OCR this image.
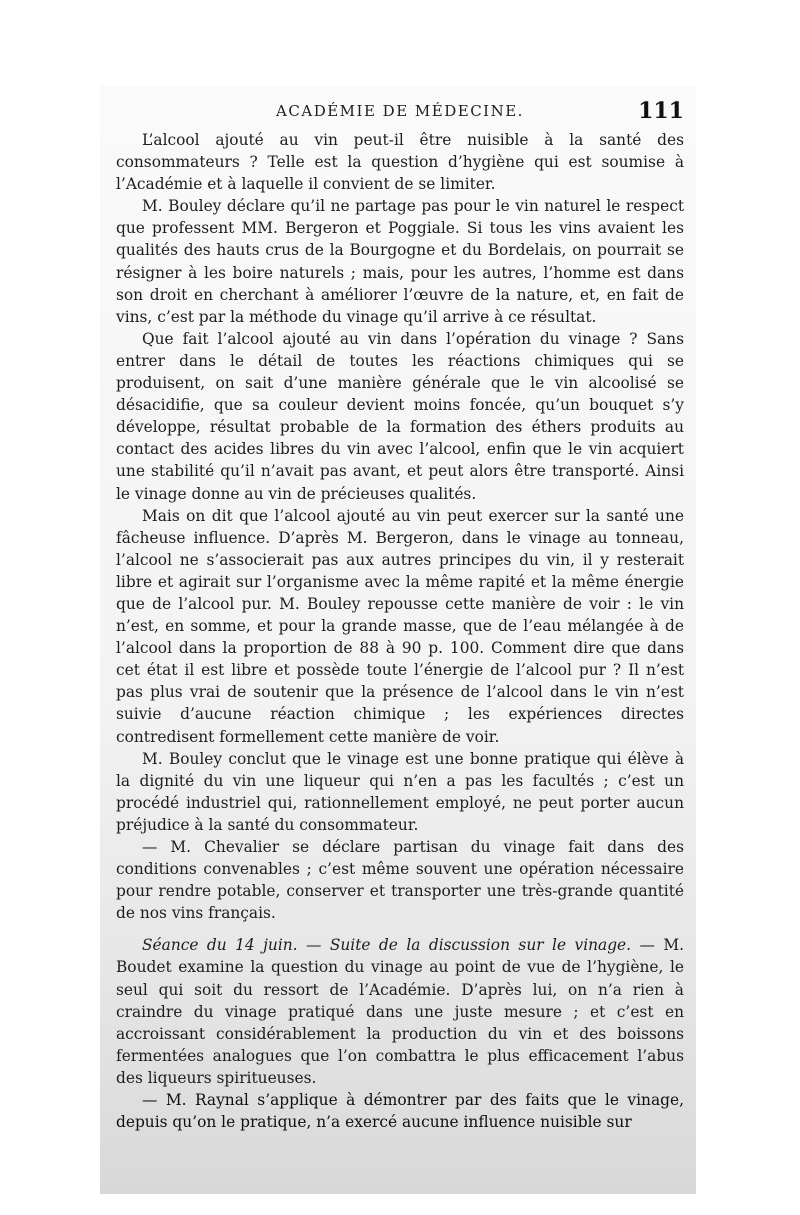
ACADÉMIE DE MÉDECINE.	111

L’alcool ajouté au vin peut-il être nuisible à la santé des consommateurs ? Telle est la question d’hygiène qui est soumise à l’Académie et à laquelle il convient de se limiter.

M. Bouley déclare qu’il ne partage pas pour le vin naturel le respect que professent MM. Bergeron et Poggiale. Si tous les vins avaient les qualités des hauts crus de la Bourgogne et du Bordelais, on pourrait se résigner à les boire naturels ; mais, pour les autres, l’homme est dans son droit en cherchant à améliorer l’œuvre de la nature, et, en fait de vins, c’est par la méthode du vinage qu’il arrive à ce résultat.

Que fait l’alcool ajouté au vin dans l’opération du vinage ? Sans entrer dans le détail de toutes les réactions chimiques qui se produisent, on sait d’une manière générale que le vin alcoolisé se désacidifie, que sa couleur devient moins foncée, qu’un bouquet s’y développe, résultat probable de la formation des éthers produits au contact des acides libres du vin avec l’alcool, enfin que le vin acquiert une stabilité qu’il n’avait pas avant, et peut alors être transporté. Ainsi le vinage donne au vin de précieuses qualités.

Mais on dit que l’alcool ajouté au vin peut exercer sur la santé une fâcheuse influence. D’après M. Bergeron, dans le vinage au tonneau, l’alcool ne s’associerait pas aux autres principes du vin, il y resterait libre et agirait sur l’organisme avec la même rapité et la même énergie que de l’alcool pur. M. Bouley repousse cette manière de voir : le vin n’est, en somme, et pour la grande masse, que de l’eau mélangée à de l’alcool dans la proportion de 88 à 90 p. 100. Comment dire que dans cet état il est libre et possède toute l’énergie de l’alcool pur ? Il n’est pas plus vrai de soutenir que la présence de l’alcool dans le vin n’est suivie d’aucune réaction chimique ; les expériences directes contredisent formellement cette manière de voir.

M. Bouley conclut que le vinage est une bonne pratique qui élève à la dignité du vin une liqueur qui n’en a pas les facultés ; c’est un procédé industriel qui, rationnellement employé, ne peut porter aucun préjudice à la santé du consommateur.

— M. Chevalier se déclare partisan du vinage fait dans des conditions convenables ; c’est même souvent une opération nécessaire pour rendre potable, conserver et transporter une très-grande quantité de nos vins français.

Séance du 14 juin. — Suite de la discussion sur le vinage. — M. Boudet examine la question du vinage au point de vue de l’hygiène, le seul qui soit du ressort de l’Académie. D’après lui, on n’a rien à craindre du vinage pratiqué dans une juste mesure ; et c’est en accroissant considérablement la production du vin et des boissons fermentées analogues que l’on combattra le plus efficacement l’abus des liqueurs spiritueuses.

— M. Raynal s’applique à démontrer par des faits que le vinage, depuis qu’on le pratique, n’a exercé aucune influence nuisible sur
